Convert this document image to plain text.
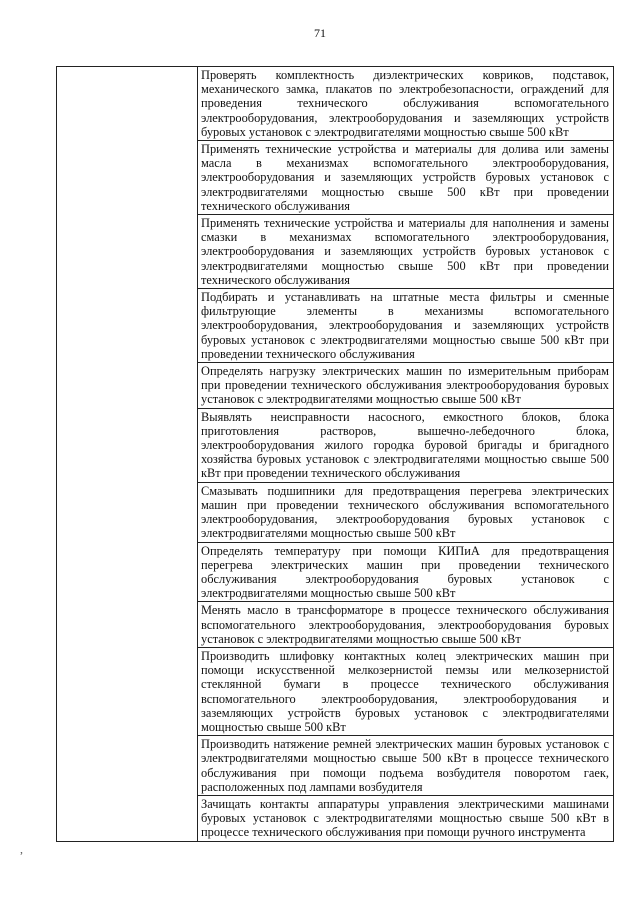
71
Проверять комплектность диэлектрических ковриков, подставок, механического замка, плакатов по электробезопасности, ограждений для проведения технического обслуживания вспомогательного электрооборудования, электрооборудования и заземляющих устройств буровых установок с электродвигателями мощностью свыше 500 кВт
Применять технические устройства и материалы для долива или замены масла в механизмах вспомогательного электрооборудования, электрооборудования и заземляющих устройств буровых установок с электродвигателями мощностью свыше 500 кВт при проведении технического обслуживания
Применять технические устройства и материалы для наполнения и замены смазки в механизмах вспомогательного электрооборудования, электрооборудования и заземляющих устройств буровых установок с электродвигателями мощностью свыше 500 кВт при проведении технического обслуживания
Подбирать и устанавливать на штатные места фильтры и сменные фильтрующие элементы в механизмы вспомогательного электрооборудования, электрооборудования и заземляющих устройств буровых установок с электродвигателями мощностью свыше 500 кВт при проведении технического обслуживания
Определять нагрузку электрических машин по измерительным приборам при проведении технического обслуживания электрооборудования буровых установок с электродвигателями мощностью свыше 500 кВт
Выявлять неисправности насосного, емкостного блоков, блока приготовления растворов, вышечно-лебедочного блока, электрооборудования жилого городка буровой бригады и бригадного хозяйства буровых установок с электродвигателями мощностью свыше 500 кВт при проведении технического обслуживания
Смазывать подшипники для предотвращения перегрева электрических машин при проведении технического обслуживания вспомогательного электрооборудования, электрооборудования буровых установок с электродвигателями мощностью свыше 500 кВт
Определять температуру при помощи КИПиА для предотвращения перегрева электрических машин при проведении технического обслуживания электрооборудования буровых установок с электродвигателями мощностью свыше 500 кВт
Менять масло в трансформаторе в процессе технического обслуживания вспомогательного электрооборудования, электрооборудования буровых установок с электродвигателями мощностью свыше 500 кВт
Производить шлифовку контактных колец электрических машин при помощи искусственной мелкозернистой пемзы или мелкозернистой стеклянной бумаги в процессе технического обслуживания вспомогательного электрооборудования, электрооборудования и заземляющих устройств буровых установок с электродвигателями мощностью свыше 500 кВт
Производить натяжение ремней электрических машин буровых установок с электродвигателями мощностью свыше 500 кВт в процессе технического обслуживания при помощи подъема возбудителя поворотом гаек, расположенных под лампами возбудителя
Зачищать контакты аппаратуры управления электрическими машинами буровых установок с электродвигателями мощностью свыше 500 кВт в процессе технического обслуживания при помощи ручного инструмента
,
